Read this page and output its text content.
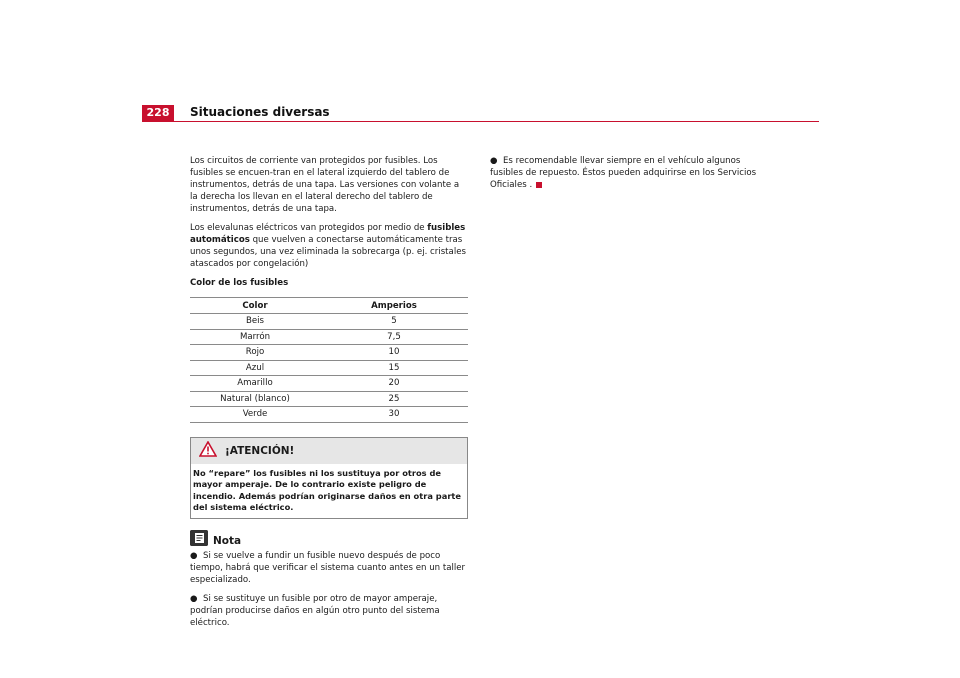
228	Situaciones diversas

Los circuitos de corriente van protegidos por fusibles. Los fusibles se encuen-tran en el lateral izquierdo del tablero de instrumentos, detrás de una tapa. Las versiones con volante a la derecha los llevan en el lateral derecho del tablero de instrumentos, detrás de una tapa.

Los elevalunas eléctricos van protegidos por medio de fusibles automáticos que vuelven a conectarse automáticamente tras unos segundos, una vez eliminada la sobrecarga (p. ej. cristales atascados por congelación)

Color de los fusibles
Color	Amperios
Beis	5
Marrón	7,5
Rojo	10
Azul	15
Amarillo	20
Natural (blanco)	25
Verde	30
¡ATENCIÓN!
No “repare” los fusibles ni los sustituya por otros de mayor amperaje. De lo contrario existe peligro de incendio. Además podrían originarse daños en otra parte del sistema eléctrico.
Nota

● Si se vuelve a fundir un fusible nuevo después de poco tiempo, habrá que verificar el sistema cuanto antes en un taller especializado.

● Si se sustituye un fusible por otro de mayor amperaje, podrían producirse daños en algún otro punto del sistema eléctrico.

● Es recomendable llevar siempre en el vehículo algunos fusibles de repuesto. Éstos pueden adquirirse en los Servicios Oficiales .
